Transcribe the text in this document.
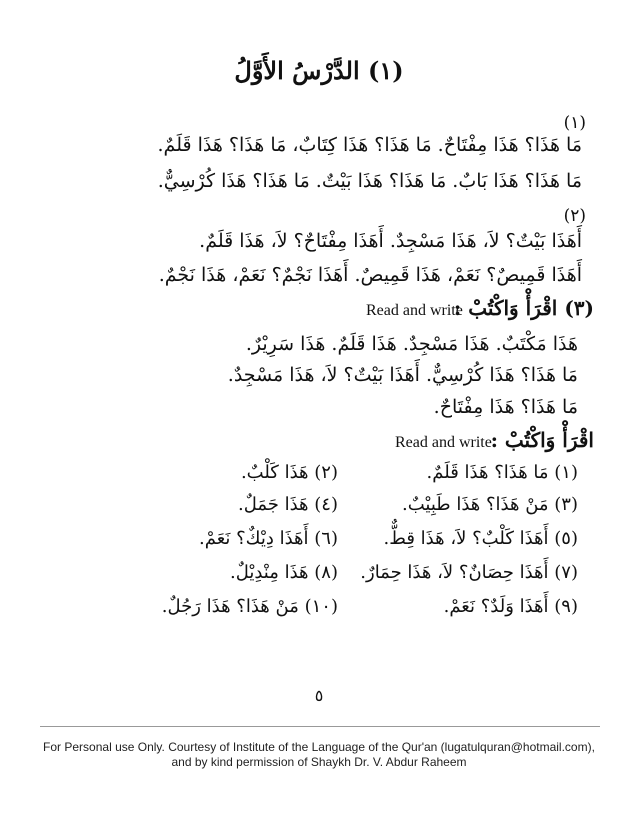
(١) الدَّرْسُ الأَوَّلُ
(١)
مَا هَذَا؟ هَذَا مِفْتَاحٌ. مَا هَذَا؟ هَذَا كِتَابٌ، مَا هَذَا؟ هَذَا قَلَمٌ.
مَا هَذَا؟ هَذَا بَابٌ. مَا هَذَا؟ هَذَا بَيْتٌ. مَا هَذَا؟ هَذَا كُرْسِيٌّ.
(٢)
أَهَذَا بَيْتٌ؟ لاَ، هَذَا مَسْجِدٌ. أَهَذَا مِفْتَاحٌ؟ لاَ، هَذَا قَلَمٌ.
أَهَذَا قَمِيصٌ؟ نَعَمْ، هَذَا قَمِيصٌ. أَهَذَا نَجْمٌ؟ نَعَمْ، هَذَا نَجْمٌ.
(٣) اقْرَأْ وَاكْتُبْ :
Read and write
هَذَا مَكْتَبٌ. هَذَا مَسْجِدٌ. هَذَا قَلَمٌ. هَذَا سَرِيْرٌ.
مَا هَذَا؟ هَذَا كُرْسِيٌّ. أَهَذَا بَيْتٌ؟ لاَ، هَذَا مَسْجِدٌ.
مَا هَذَا؟ هَذَا مِفْتَاحٌ.
اقْرَأْ وَاكْتُبْ :
Read and write
(١) مَا هَذَا؟ هَذَا قَلَمٌ.
(٣) مَنْ هَذَا؟ هَذَا طَبِيْبٌ.
(٥) أَهَذَا كَلْبٌ؟ لاَ، هَذَا قِطٌّ.
(٧) أَهَذَا حِصَانٌ؟ لاَ، هَذَا حِمَارٌ.
(٩) أَهَذَا وَلَدٌ؟ نَعَمْ.
(٢) هَذَا كَلْبٌ.
(٤) هَذَا جَمَلٌ.
(٦) أَهَذَا دِيْكٌ؟ نَعَمْ.
(٨) هَذَا مِنْدِيْلٌ.
(١٠) مَنْ هَذَا؟ هَذَا رَجُلٌ.
٥
For Personal use Only. Courtesy of Institute of the Language of the Qur'an (lugatulquran@hotmail.com),
and by kind permission of Shaykh Dr. V. Abdur Raheem
